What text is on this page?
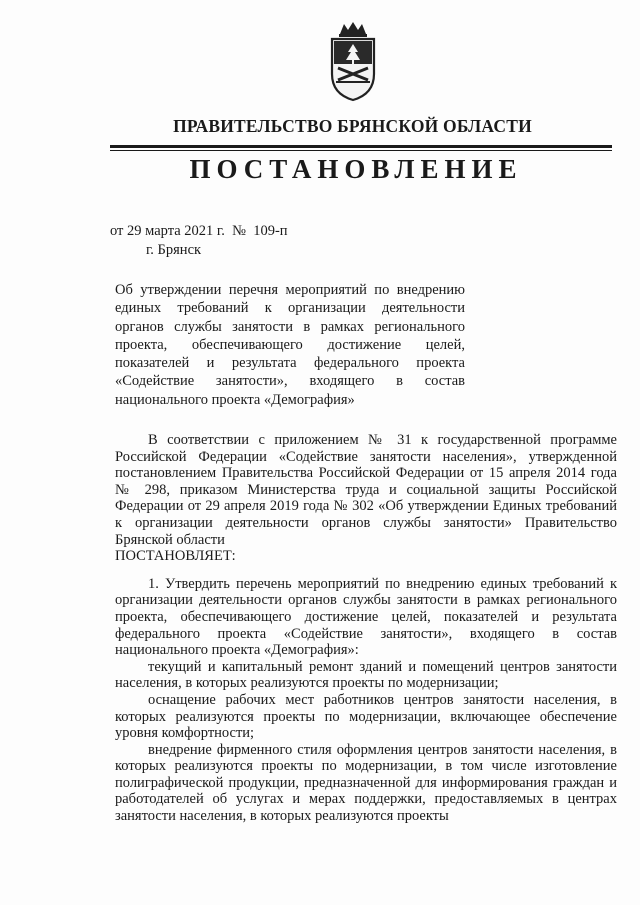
ПРАВИТЕЛЬСТВО БРЯНСКОЙ ОБЛАСТИ
ПОСТАНОВЛЕНИЕ
от 29 марта 2021 г.  №  109-п
г. Брянск
Об утверждении перечня мероприятий по внедрению единых требований к организации деятельности органов службы занятости в рамках регионального проекта, обеспечивающего достижение целей, показателей и результата федерального проекта «Содействие занятости», входящего в состав национального проекта «Демография»

В соответствии с приложением № 31 к государственной программе Российской Федерации «Содействие занятости населения», утвержденной постановлением Правительства Российской Федерации от 15 апреля 2014 года № 298, приказом Министерства труда и социальной защиты Российской Федерации от 29 апреля 2019 года № 302 «Об утверждении Единых требований к организации деятельности органов службы занятости» Правительство Брянской области

ПОСТАНОВЛЯЕТ:

1. Утвердить перечень мероприятий по внедрению единых требований к организации деятельности органов службы занятости в рамках регионального проекта, обеспечивающего достижение целей, показателей и результата федерального проекта «Содействие занятости», входящего в состав национального проекта «Демография»:

текущий и капитальный ремонт зданий и помещений центров занятости населения, в которых реализуются проекты по модернизации;

оснащение рабочих мест работников центров занятости населения, в которых реализуются проекты по модернизации, включающее обеспечение уровня комфортности;

внедрение фирменного стиля оформления центров занятости населения, в которых реализуются проекты по модернизации, в том числе изготовление полиграфической продукции, предназначенной для информирования граждан и работодателей об услугах и мерах поддержки, предоставляемых в центрах занятости населения, в которых реализуются проекты
